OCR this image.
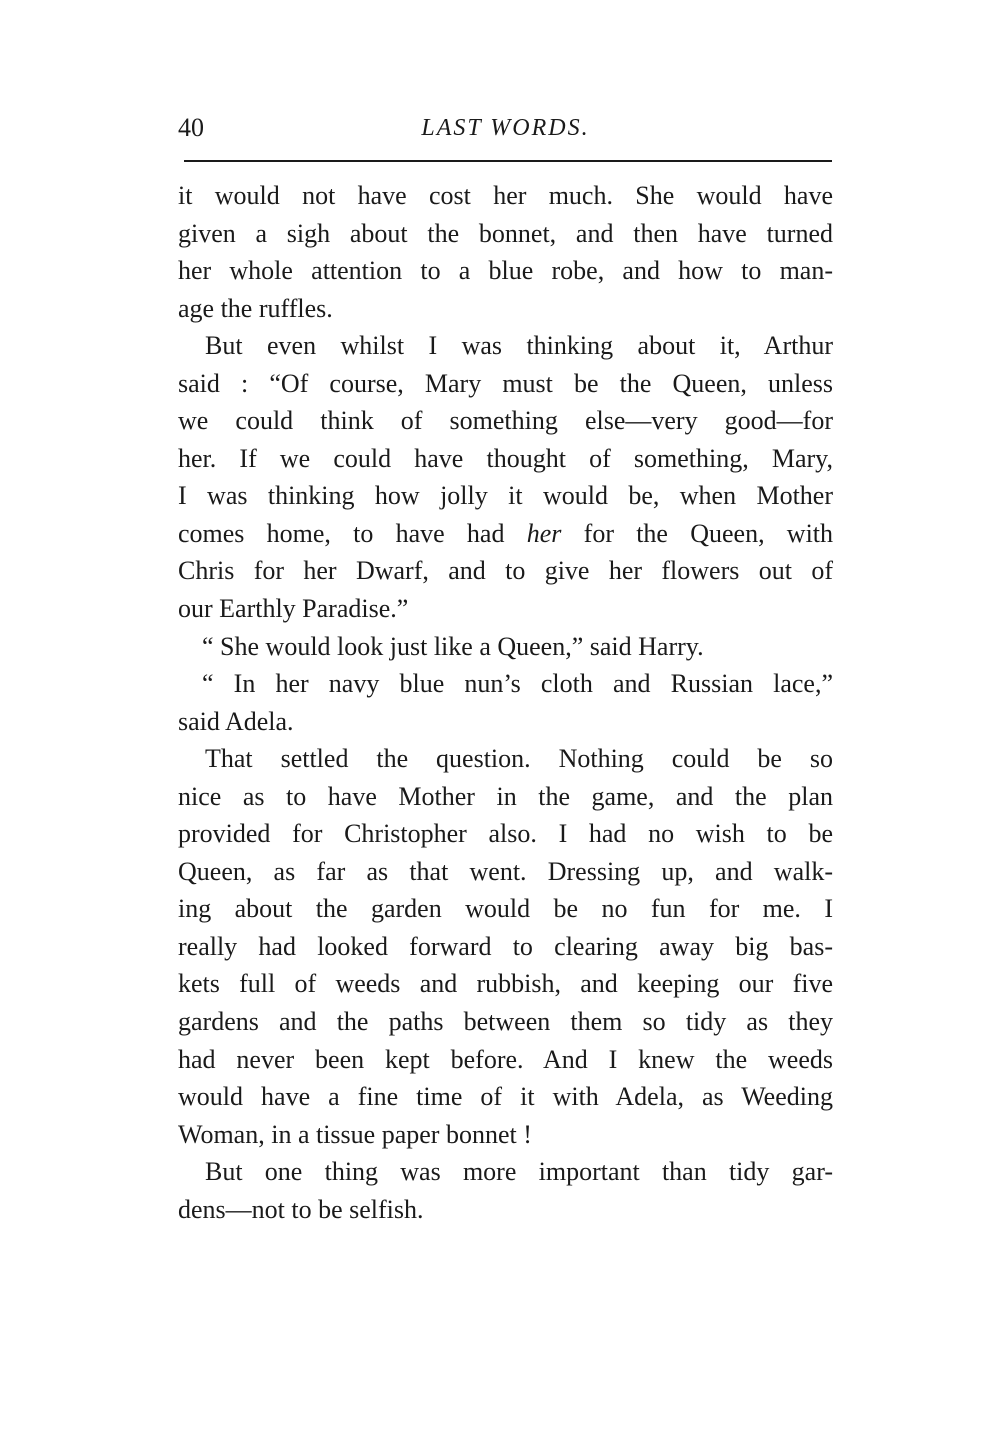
40	LAST WORDS.
it would not have cost her much. She would have
given a sigh about the bonnet, and then have turned
her whole attention to a blue robe, and how to man-
age the ruffles.
But even whilst I was thinking about it, Arthur
said : “Of course, Mary must be the Queen, unless
we could think of something else—very good—for
her. If we could have thought of something, Mary,
I was thinking how jolly it would be, when Mother
comes home, to have had her for the Queen, with
Chris for her Dwarf, and to give her flowers out of
our Earthly Paradise.”
“ She would look just like a Queen,” said Harry.
“ In her navy blue nun’s cloth and Russian lace,”
said Adela.
That settled the question. Nothing could be so
nice as to have Mother in the game, and the plan
provided for Christopher also. I had no wish to be
Queen, as far as that went. Dressing up, and walk-
ing about the garden would be no fun for me. I
really had looked forward to clearing away big bas-
kets full of weeds and rubbish, and keeping our five
gardens and the paths between them so tidy as they
had never been kept before. And I knew the weeds
would have a fine time of it with Adela, as Weeding
Woman, in a tissue paper bonnet !
But one thing was more important than tidy gar-
dens—not to be selfish.
